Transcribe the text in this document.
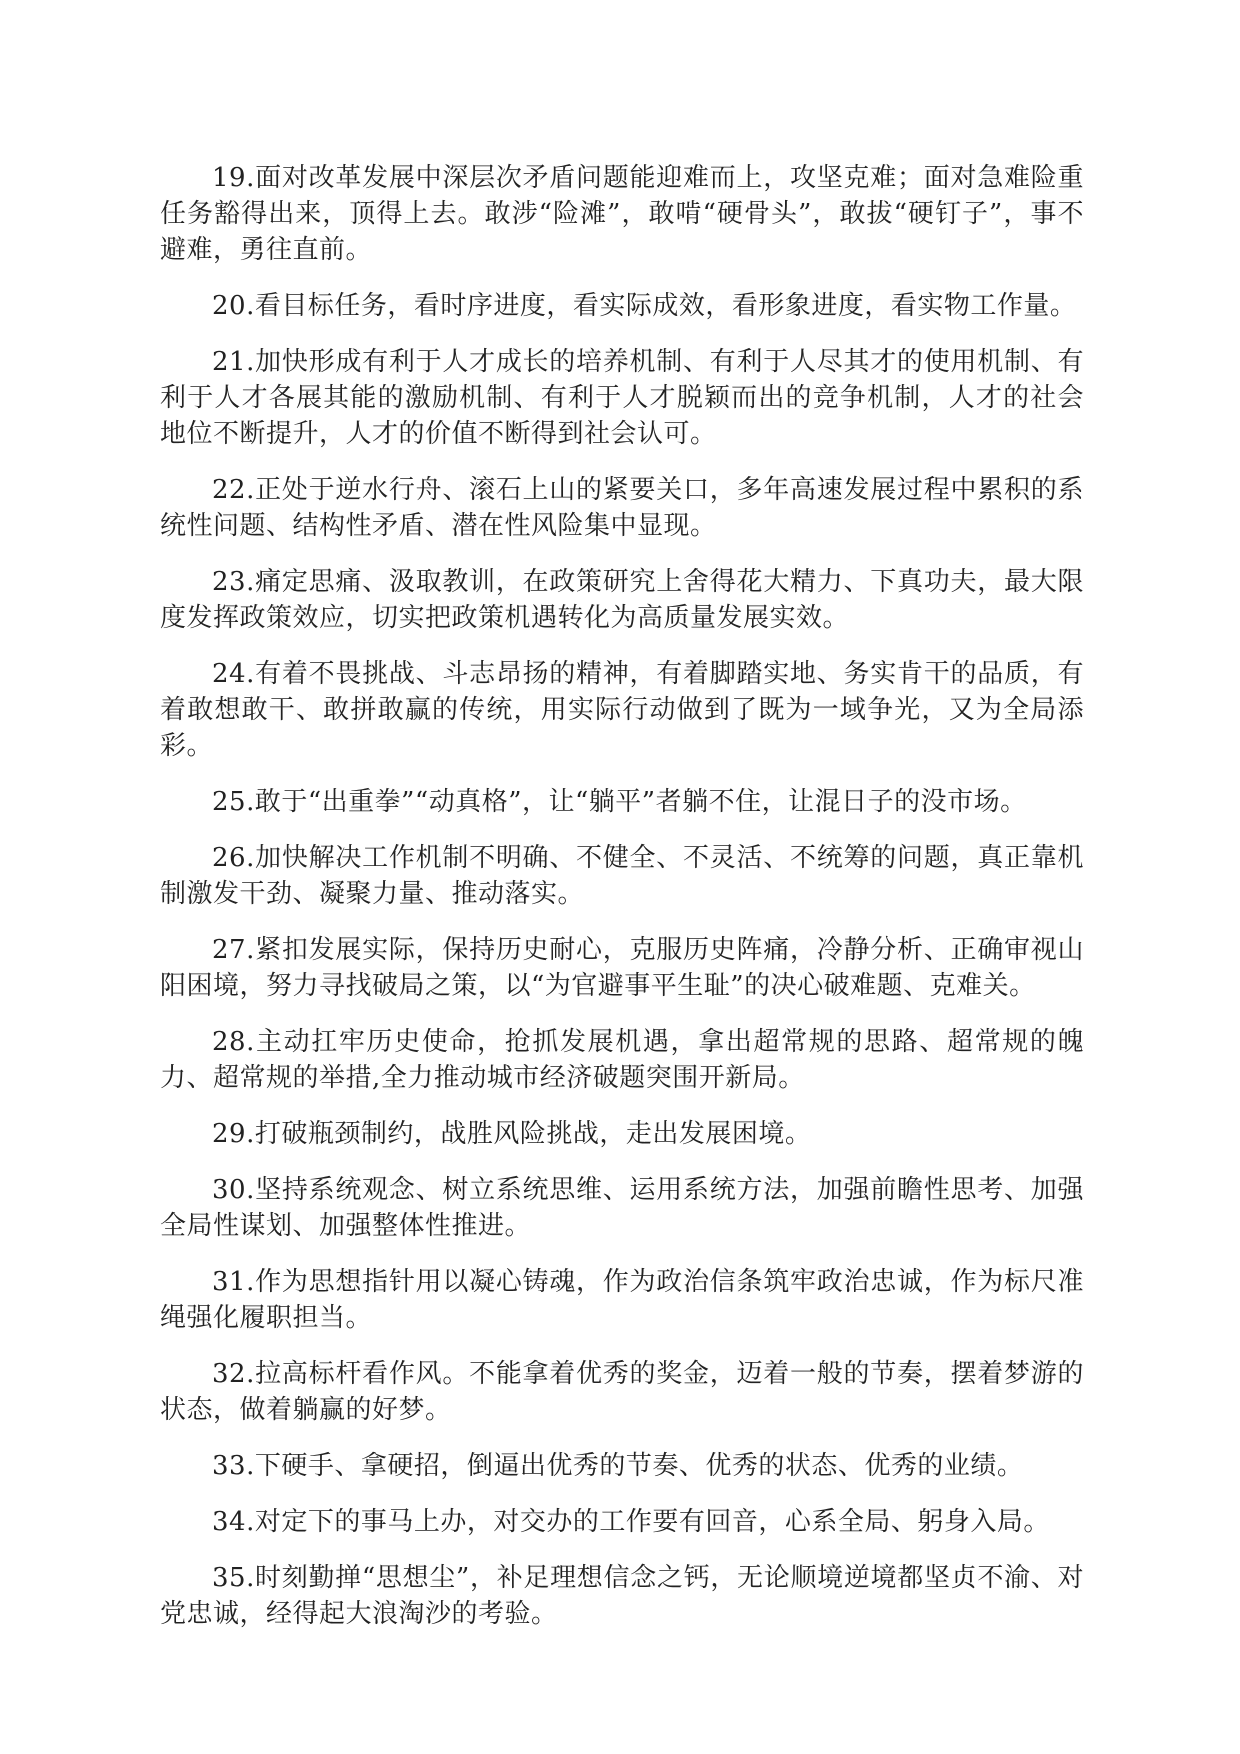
19.面对改革发展中深层次矛盾问题能迎难而上，攻坚克难；面对急难险重任务豁得出来，顶得上去。敢涉“险滩”，敢啃“硬骨头”，敢拔“硬钉子”，事不避难，勇往直前。

20.看目标任务，看时序进度，看实际成效，看形象进度，看实物工作量。

21.加快形成有利于人才成长的培养机制、有利于人尽其才的使用机制、有利于人才各展其能的激励机制、有利于人才脱颖而出的竞争机制，人才的社会地位不断提升，人才的价值不断得到社会认可。

22.正处于逆水行舟、滚石上山的紧要关口，多年高速发展过程中累积的系统性问题、结构性矛盾、潜在性风险集中显现。

23.痛定思痛、汲取教训，在政策研究上舍得花大精力、下真功夫，最大限度发挥政策效应，切实把政策机遇转化为高质量发展实效。

24.有着不畏挑战、斗志昂扬的精神，有着脚踏实地、务实肯干的品质，有着敢想敢干、敢拼敢赢的传统，用实际行动做到了既为一域争光，又为全局添彩。

25.敢于“出重拳”“动真格”，让“躺平”者躺不住，让混日子的没市场。

26.加快解决工作机制不明确、不健全、不灵活、不统筹的问题，真正靠机制激发干劲、凝聚力量、推动落实。

27.紧扣发展实际，保持历史耐心，克服历史阵痛，冷静分析、正确审视山阳困境，努力寻找破局之策，以“为官避事平生耻”的决心破难题、克难关。

28.主动扛牢历史使命，抢抓发展机遇，拿出超常规的思路、超常规的魄力、超常规的举措,全力推动城市经济破题突围开新局。

29.打破瓶颈制约，战胜风险挑战，走出发展困境。

30.坚持系统观念、树立系统思维、运用系统方法，加强前瞻性思考、加强全局性谋划、加强整体性推进。

31.作为思想指针用以凝心铸魂，作为政治信条筑牢政治忠诚，作为标尺准绳强化履职担当。

32.拉高标杆看作风。不能拿着优秀的奖金，迈着一般的节奏，摆着梦游的状态，做着躺赢的好梦。

33.下硬手、拿硬招，倒逼出优秀的节奏、优秀的状态、优秀的业绩。

34.对定下的事马上办，对交办的工作要有回音，心系全局、躬身入局。

35.时刻勤掸“思想尘”，补足理想信念之钙，无论顺境逆境都坚贞不渝、对党忠诚，经得起大浪淘沙的考验。
